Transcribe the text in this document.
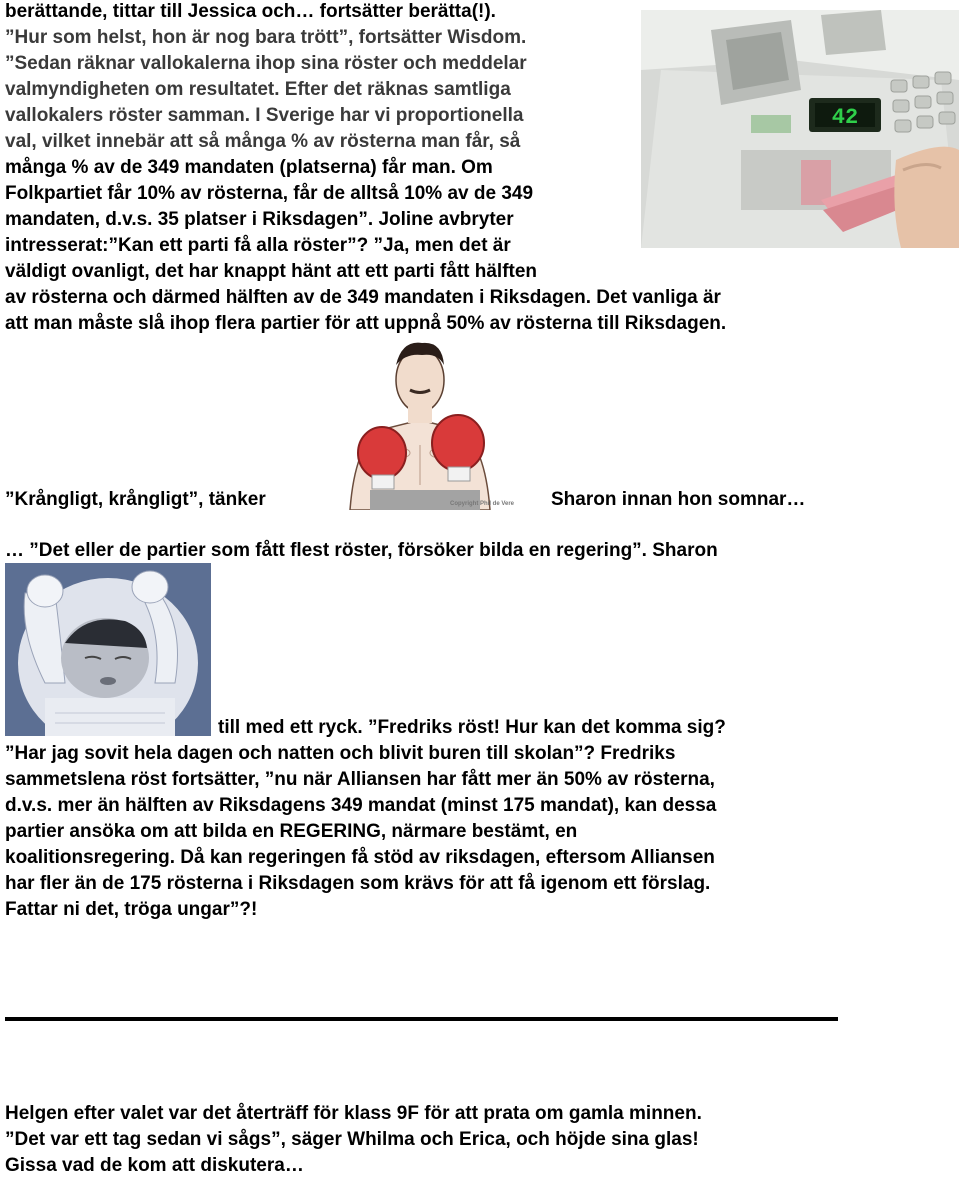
berättande, tittar till Jessica och… fortsätter berätta(!).
”Hur som helst, hon är nog bara trött”, fortsätter Wisdom.
”Sedan räknar vallokalerna ihop sina röster och meddelar
valmyndigheten om resultatet. Efter det räknas samtliga
vallokalers röster samman. I Sverige har vi proportionella
val, vilket innebär att så många % av rösterna man får, så
många % av de 349 mandaten (platserna) får man. Om
Folkpartiet får 10% av rösterna, får de alltså 10% av de 349
mandaten, d.v.s. 35 platser i Riksdagen”. Joline avbryter
intresserat:”Kan ett parti få alla röster”? ”Ja, men det är
väldigt ovanligt, det har knappt hänt att ett parti fått hälften
av rösterna och därmed hälften av de 349 mandaten i Riksdagen. Det vanliga är
att man måste slå ihop flera partier för att uppnå 50% av rösterna till Riksdagen.
42
Copyright Phil de Vere
”Krångligt, krångligt”, tänker	Sharon innan hon somnar…
… ”Det eller de partier som fått flest röster, försöker bilda en regering”. Sharon
till med ett ryck. ”Fredriks röst! Hur kan det komma sig?
”Har jag sovit hela dagen och natten och blivit buren till skolan”? Fredriks
sammetslena röst fortsätter, ”nu när Alliansen har fått mer än 50% av rösterna,
d.v.s. mer än hälften av Riksdagens 349 mandat (minst 175 mandat), kan dessa
partier ansöka om att bilda en REGERING, närmare bestämt, en
koalitionsregering. Då kan regeringen få stöd av riksdagen, eftersom Alliansen
har fler än de 175 rösterna i Riksdagen som krävs för att få igenom ett förslag.
Fattar ni det, tröga ungar”?!
Helgen efter valet var det återträff för klass 9F för att prata om gamla minnen.
”Det var ett tag sedan vi sågs”, säger Whilma och Erica, och höjde sina glas!
Gissa vad de kom att diskutera…
